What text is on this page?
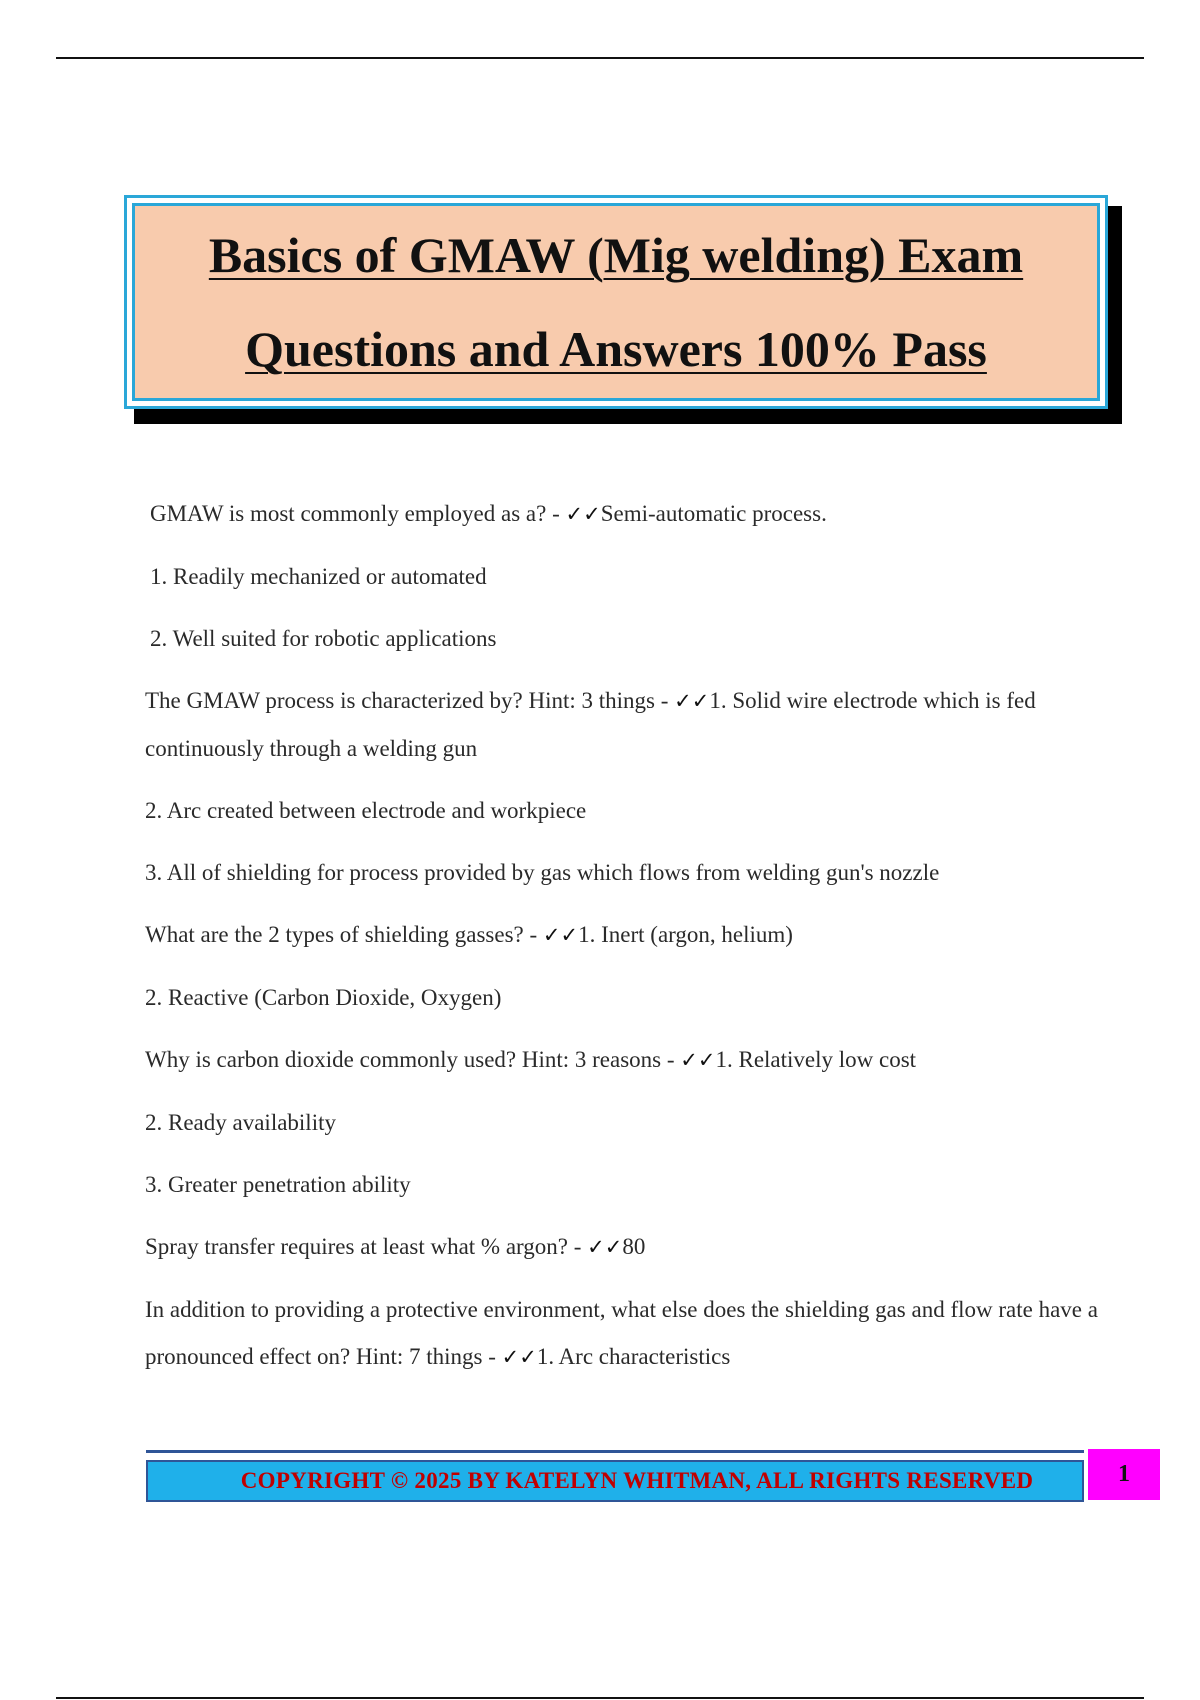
Basics of GMAW (Mig welding) Exam
Questions and Answers 100% Pass

GMAW is most commonly employed as a? - ✓✓Semi-automatic process.

1. Readily mechanized or automated

2. Well suited for robotic applications

The GMAW process is characterized by? Hint: 3 things - ✓✓1. Solid wire electrode which is fed continuously through a welding gun

2. Arc created between electrode and workpiece

3. All of shielding for process provided by gas which flows from welding gun's nozzle

What are the 2 types of shielding gasses? - ✓✓1. Inert (argon, helium)

2. Reactive (Carbon Dioxide, Oxygen)

Why is carbon dioxide commonly used? Hint: 3 reasons - ✓✓1. Relatively low cost

2. Ready availability

3. Greater penetration ability

Spray transfer requires at least what % argon? - ✓✓80

In addition to providing a protective environment, what else does the shielding gas and flow rate have a pronounced effect on? Hint: 7 things - ✓✓1. Arc characteristics

COPYRIGHT © 2025 BY KATELYN WHITMAN, ALL RIGHTS RESERVED	1
